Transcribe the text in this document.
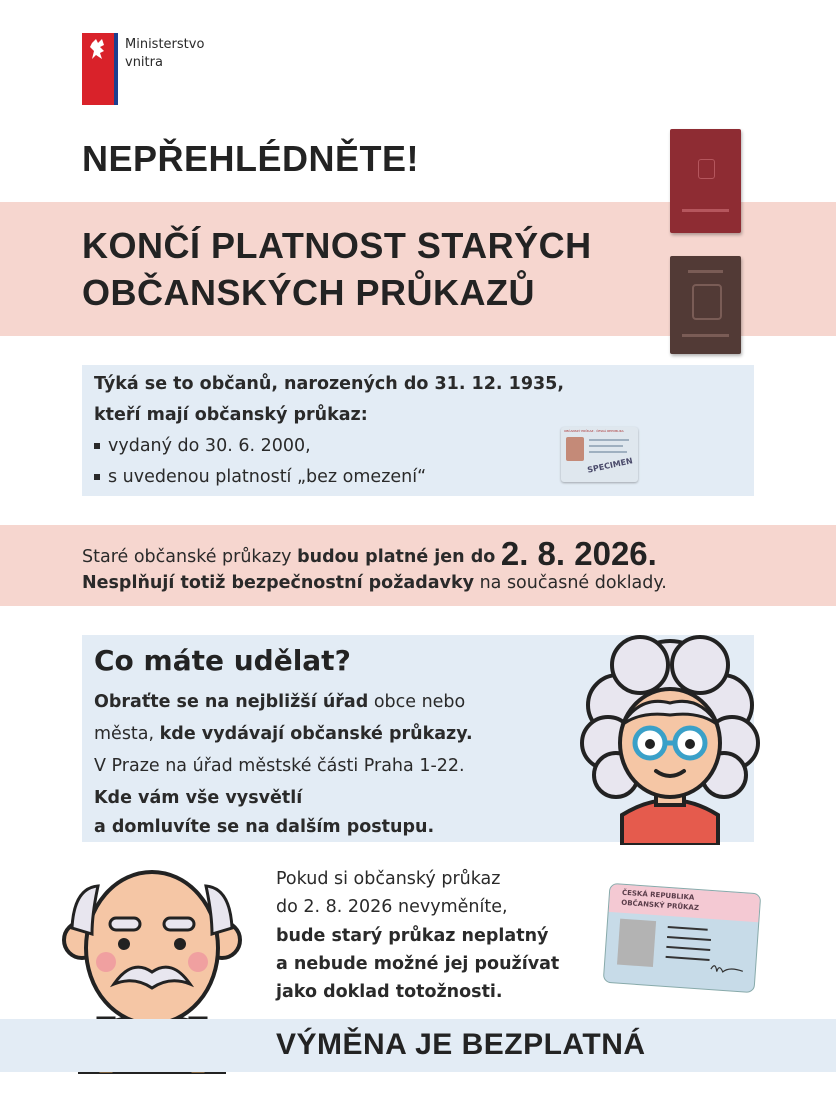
Ministerstvo
vnitra
NEPŘEHLÉDNĚTE!
KONČÍ PLATNOST STARÝCH
OBČANSKÝCH PRŮKAZŮ
Týká se to občanů, narozených do 31. 12. 1935,
kteří mají občanský průkaz:
vydaný do 30. 6. 2000,
s uvedenou platností „bez omezení“
OBČANSKÝ PRŮKAZ · ČESKÁ REPUBLIKA
SPECIMEN
Staré občanské průkazy budou platné jen do 2. 8. 2026.
Nesplňují totiž bezpečnostní požadavky na současné doklady.
Co máte udělat?
Obraťte se na nejbližší úřad obce nebo
města, kde vydávají občanské průkazy.
V Praze na úřad městské části Praha 1-22.
Kde vám vše vysvětlí
a domluvíte se na dalším postupu.
Pokud si občanský průkaz
do 2. 8. 2026 nevyměníte,
bude starý průkaz neplatný
a nebude možné jej používat
jako doklad totožnosti.
ČESKÁ REPUBLIKA
OBČANSKÝ PRŮKAZ
VÝMĚNA JE BEZPLATNÁ
